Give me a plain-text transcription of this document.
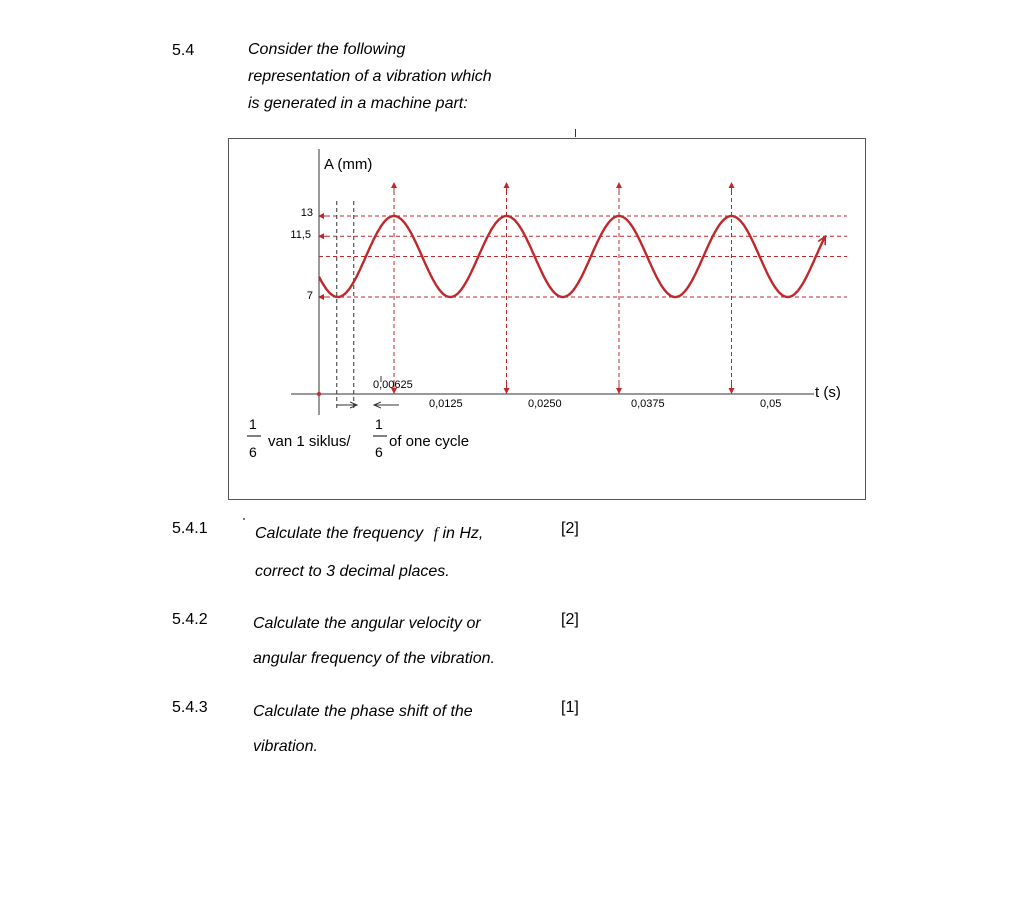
5.4	Consider the following
representation of a vibration which
is generated in a machine part:
A (mm)
t (s)
13
11,5
7
0,00625
0,0125	0,0250	0,0375	0,05
1
6
van 1 siklus/
1
6
of one cycle
5.4.1	Calculate the frequency f in Hz,
correct to 3 decimal places.
[2]
5.4.2	Calculate the angular velocity or
angular frequency of the vibration.
[2]
5.4.3	Calculate the phase shift of the
vibration.
[1]
